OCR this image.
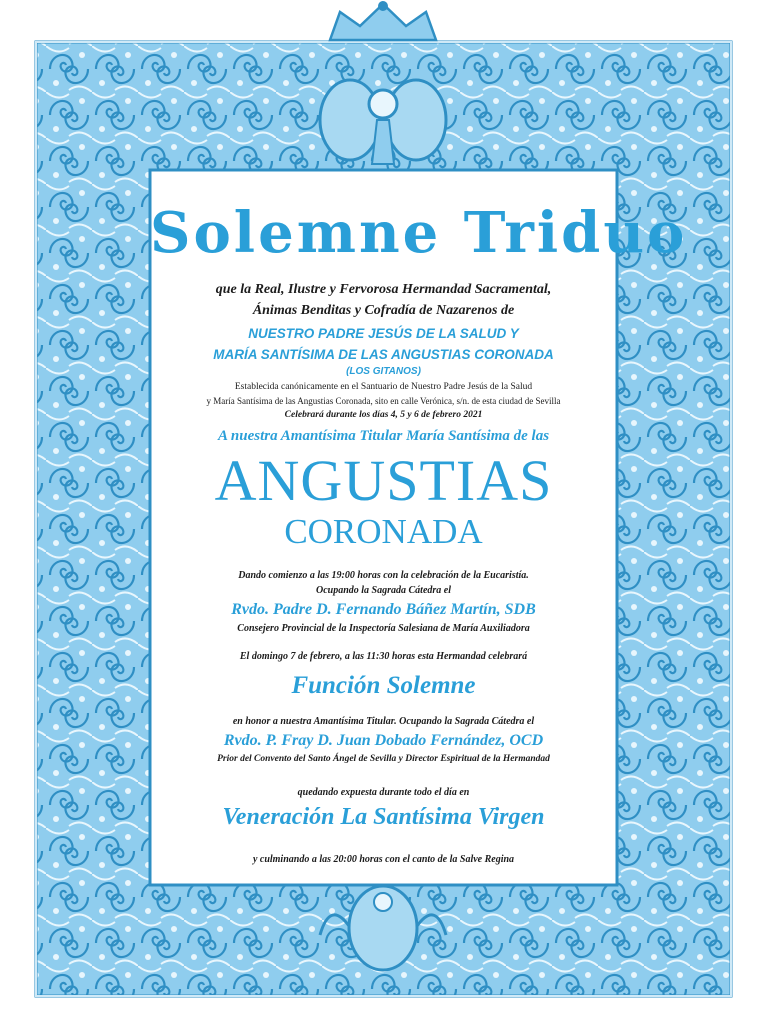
Solemne Triduo
que la Real, Ilustre y Fervorosa Hermandad Sacramental,
Ánimas Benditas y Cofradía de Nazarenos de
NUESTRO PADRE JESÚS DE LA SALUD Y
MARÍA SANTÍSIMA DE LAS ANGUSTIAS CORONADA
(LOS GITANOS)
Establecida canónicamente en el Santuario de Nuestro Padre Jesús de la Salud
y María Santísima de las Angustias Coronada, sito en calle Verónica, s/n. de esta ciudad de Sevilla
Celebrará durante los días 4, 5 y 6 de febrero 2021
A nuestra Amantísima Titular María Santísima de las
ANGUSTIAS
CORONADA
Dando comienzo a las 19:00 horas con la celebración de la Eucaristía.
Ocupando la Sagrada Cátedra el
Rvdo. Padre D. Fernando Báñez Martín, SDB
Consejero Provincial de la Inspectoría Salesiana de María Auxiliadora
El domingo 7 de febrero, a las 11:30 horas esta Hermandad celebrará
Función Solemne
en honor a nuestra Amantísima Titular. Ocupando la Sagrada Cátedra el
Rvdo. P. Fray D. Juan Dobado Fernández, OCD
Prior del Convento del Santo Ángel de Sevilla y Director Espiritual de la Hermandad
quedando expuesta durante todo el día en
Veneración La Santísima Virgen
y culminando a las 20:00 horas con el canto de la Salve Regina
